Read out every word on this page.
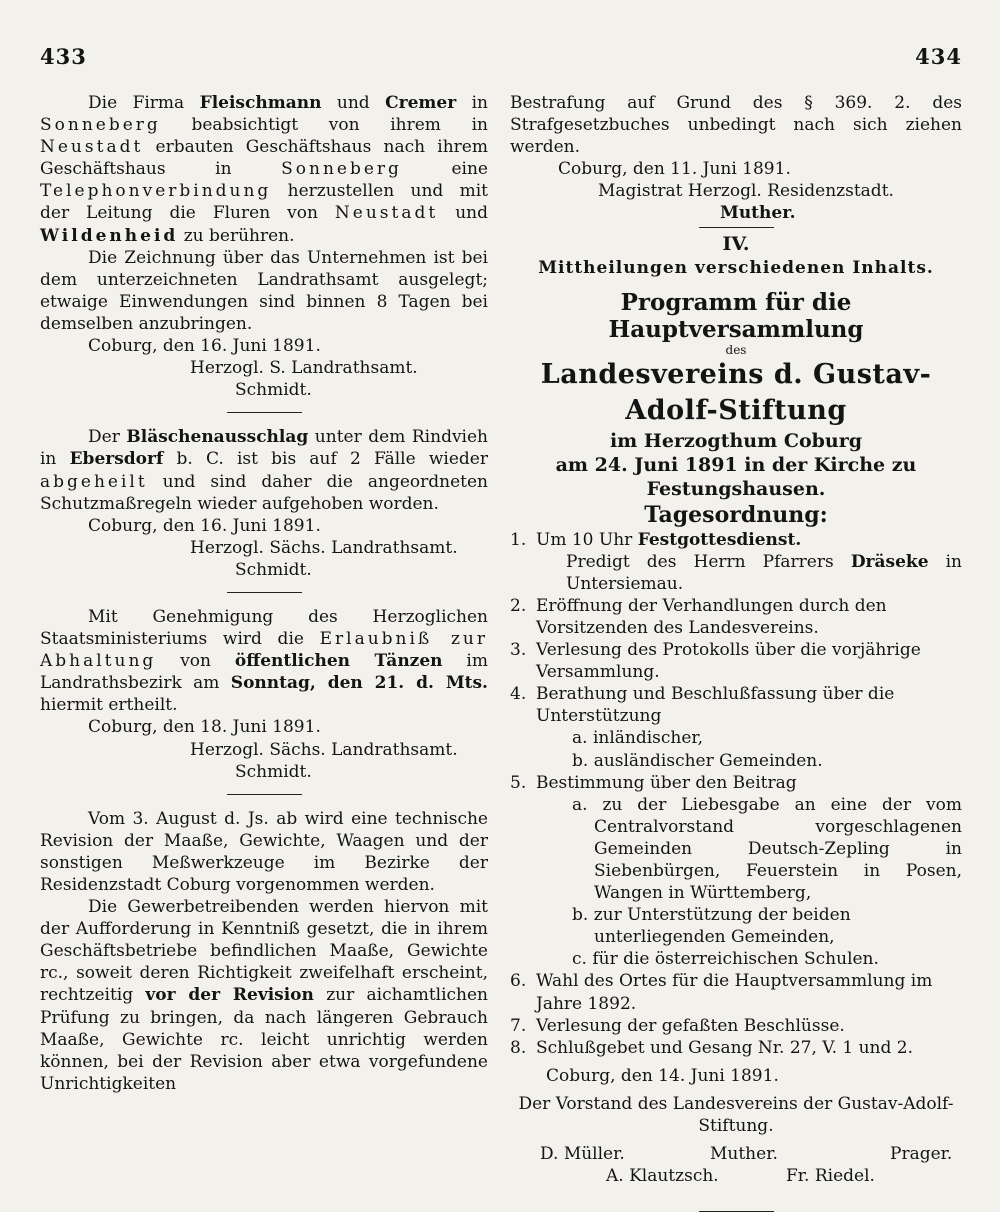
433	434

Die Firma Fleischmann und Cremer in Sonneberg beabsichtigt von ihrem in Neustadt erbauten Geschäftshaus nach ihrem Geschäftshaus in Sonneberg eine Telephonverbindung herzustellen und mit der Leitung die Fluren von Neustadt und Wildenheid zu berühren.

Die Zeichnung über das Unternehmen ist bei dem unterzeichneten Landrathsamt ausgelegt; etwaige Einwendungen sind binnen 8 Tagen bei demselben anzubringen.

Coburg, den 16. Juni 1891.

Herzogl. S. Landrathsamt.

Schmidt.

Der Bläschenausschlag unter dem Rindvieh in Ebersdorf b. C. ist bis auf 2 Fälle wieder abgeheilt und sind daher die angeordneten Schutzmaßregeln wieder aufgehoben worden.

Coburg, den 16. Juni 1891.

Herzogl. Sächs. Landrathsamt.

Schmidt.

Mit Genehmigung des Herzoglichen Staatsministeriums wird die Erlaubniß zur Abhaltung von öffentlichen Tänzen im Landrathsbezirk am Sonntag, den 21. d. Mts. hiermit ertheilt.

Coburg, den 18. Juni 1891.

Herzogl. Sächs. Landrathsamt.

Schmidt.

Vom 3. August d. Js. ab wird eine technische Revision der Maaße, Gewichte, Waagen und der sonstigen Meßwerkzeuge im Bezirke der Residenzstadt Coburg vorgenommen werden.

Die Gewerbetreibenden werden hiervon mit der Aufforderung in Kenntniß gesetzt, die in ihrem Geschäftsbetriebe befindlichen Maaße, Gewichte rc., soweit deren Richtigkeit zweifelhaft erscheint, rechtzeitig vor der Revision zur aichamtlichen Prüfung zu bringen, da nach längeren Gebrauch Maaße, Gewichte rc. leicht unrichtig werden können, bei der Revision aber etwa vorgefundene Unrichtigkeiten

Bestrafung auf Grund des § 369. 2. des Strafgesetzbuches unbedingt nach sich ziehen werden.

Coburg, den 11. Juni 1891.

Magistrat Herzogl. Residenzstadt.

Muther.

IV.

Mittheilungen verschiedenen Inhalts.

Programm für die Hauptversammlung

des

Landesvereins d. Gustav-Adolf-Stiftung

im Herzogthum Coburg

am 24. Juni 1891 in der Kirche zu

Festungshausen.

Tagesordnung:

1. Um 10 Uhr Festgottesdienst.

Predigt des Herrn Pfarrers Dräseke in Untersiemau.

2. Eröffnung der Verhandlungen durch den Vorsitzenden des Landesvereins.

3. Verlesung des Protokolls über die vorjährige Versammlung.

4. Berathung und Beschlußfassung über die Unterstützung

a. inländischer,

b. ausländischer Gemeinden.

5. Bestimmung über den Beitrag

a. zu der Liebesgabe an eine der vom Centralvorstand vorgeschlagenen Gemeinden Deutsch-Zepling in Siebenbürgen, Feuerstein in Posen, Wangen in Württemberg,

b. zur Unterstützung der beiden unterliegenden Gemeinden,

c. für die österreichischen Schulen.

6. Wahl des Ortes für die Hauptversammlung im Jahre 1892.

7. Verlesung der gefaßten Beschlüsse.

8. Schlußgebet und Gesang Nr. 27, V. 1 und 2.

Coburg, den 14. Juni 1891.

Der Vorstand des Landesvereins der Gustav-Adolf-Stiftung.

D. Müller.	Muther.	Prager.
A. Klautzsch.	Fr. Riedel.
